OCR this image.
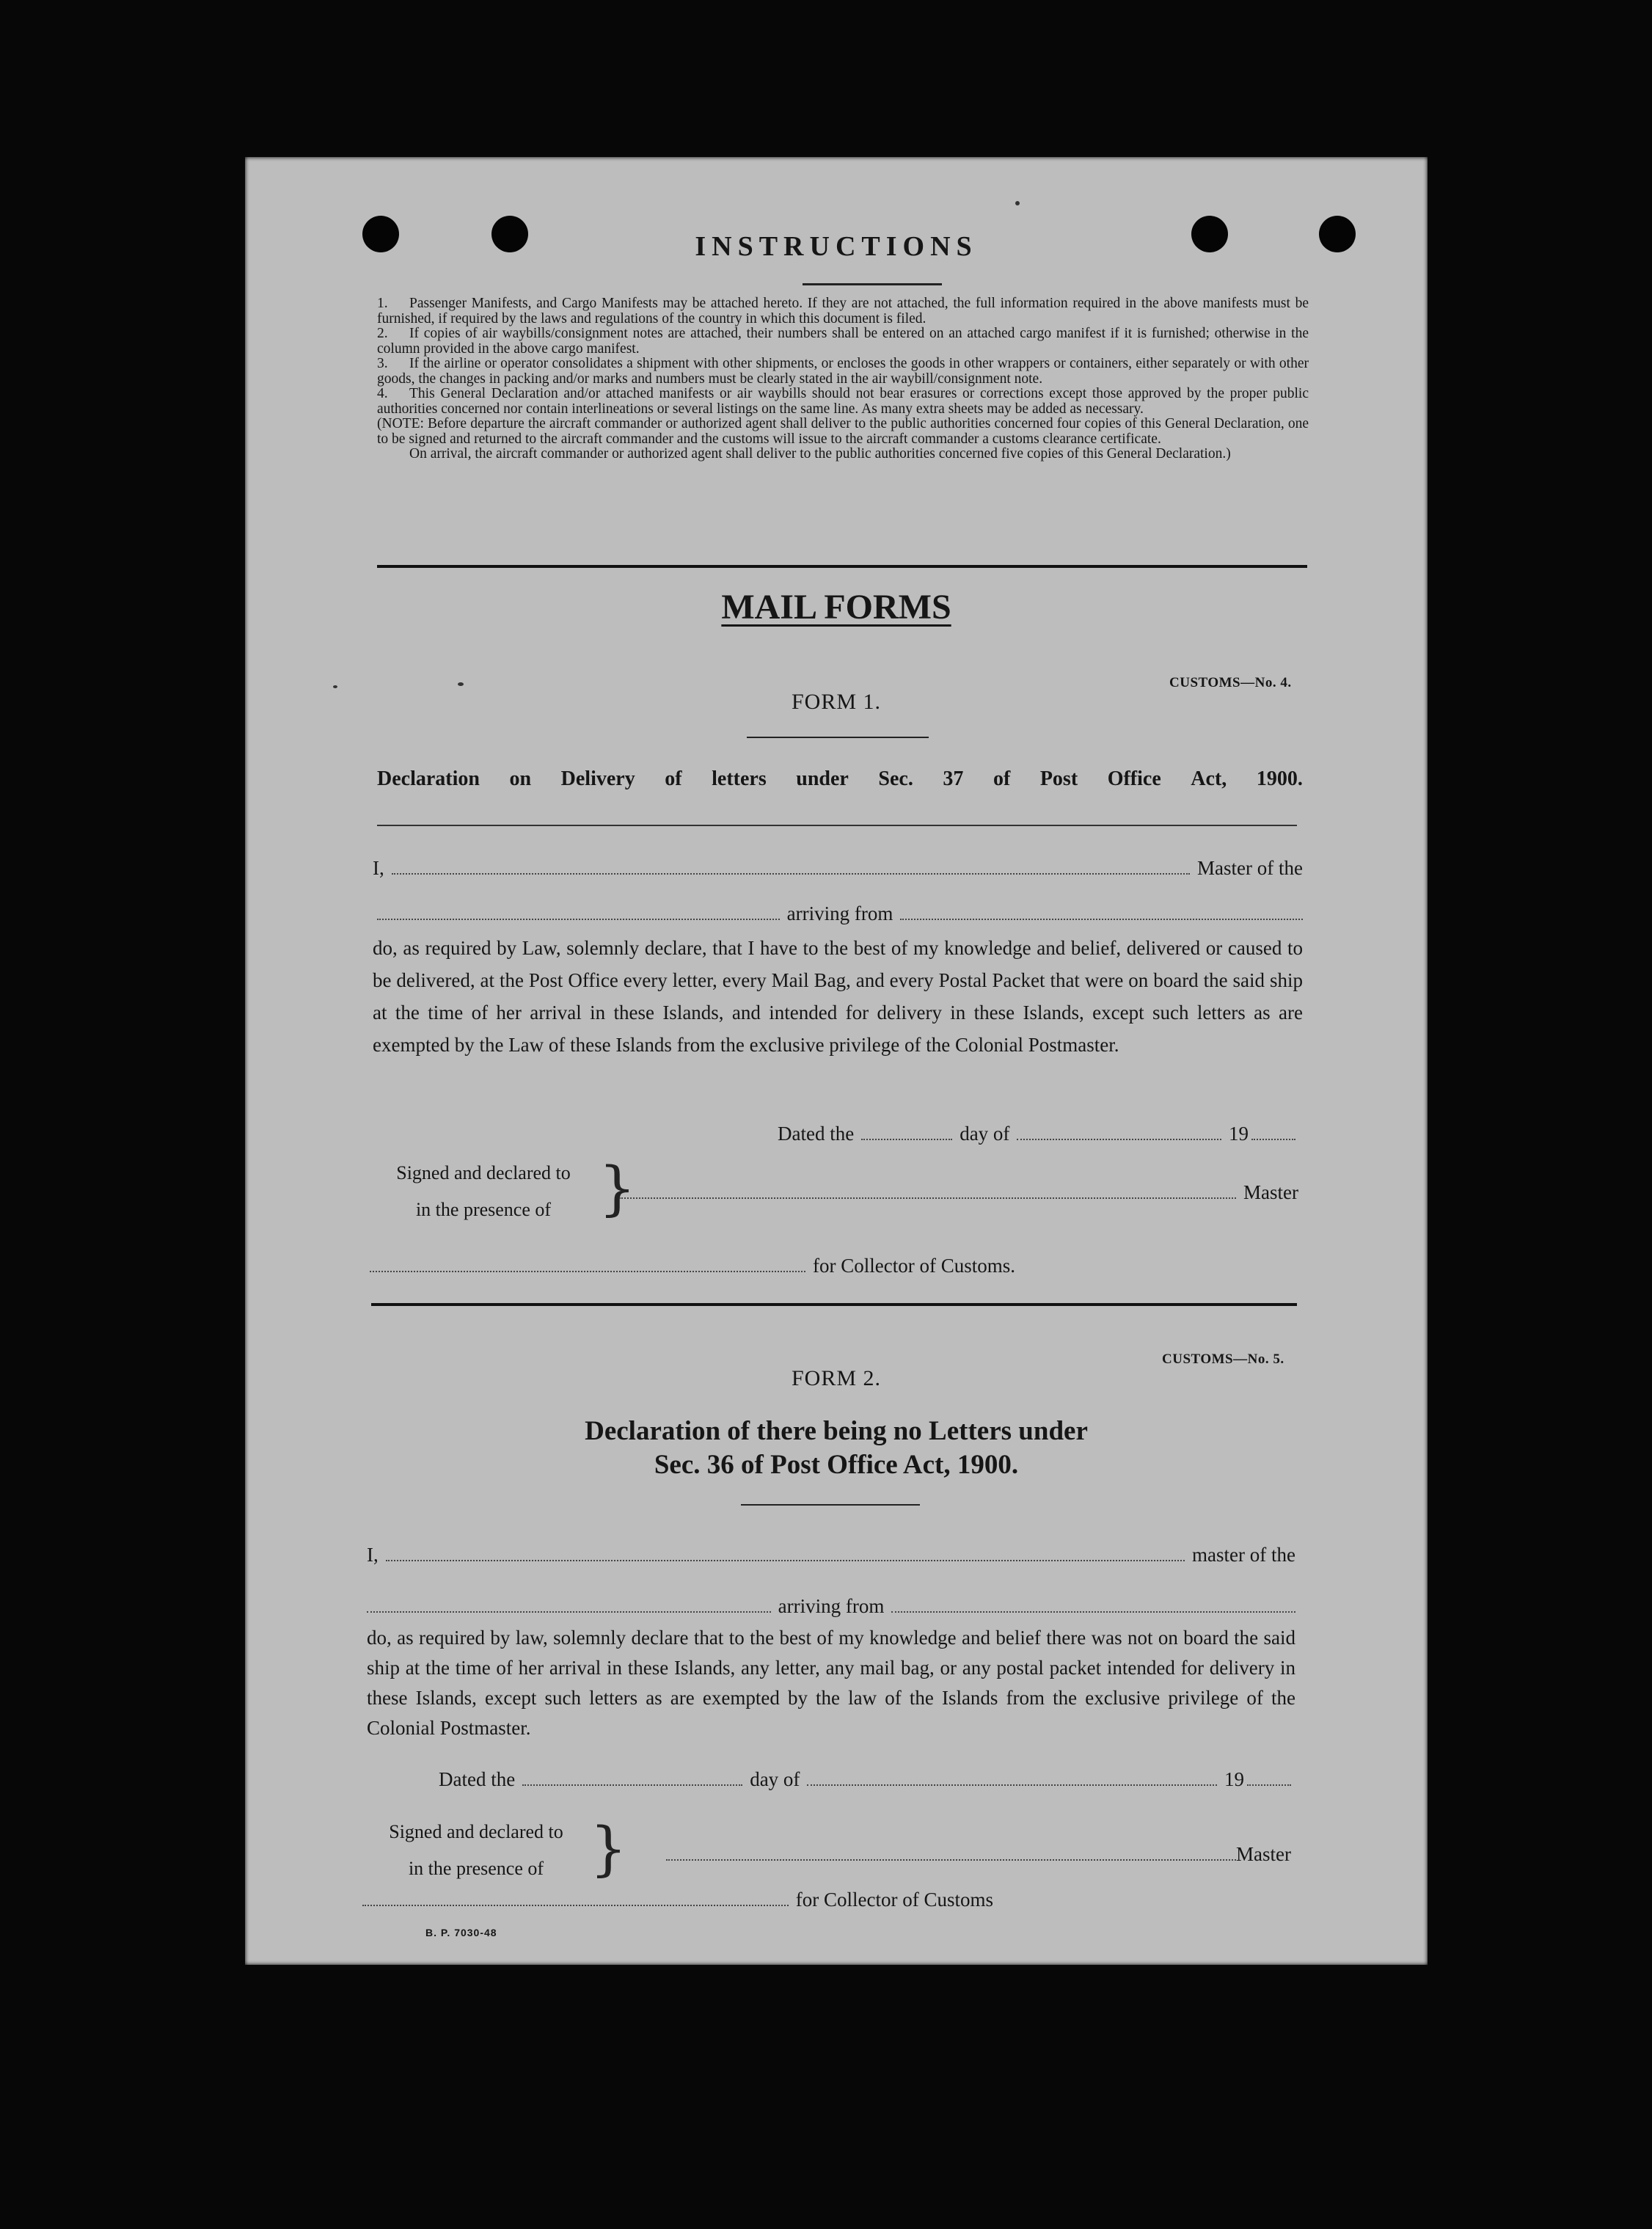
INSTRUCTIONS

1. Passenger Manifests, and Cargo Manifests may be attached hereto. If they are not attached, the full information required in the above manifests must be furnished, if required by the laws and regulations of the country in which this document is filed.

2. If copies of air waybills/consignment notes are attached, their numbers shall be entered on an attached cargo manifest if it is furnished; otherwise in the column provided in the above cargo manifest.

3. If the airline or operator consolidates a shipment with other shipments, or encloses the goods in other wrappers or containers, either separately or with other goods, the changes in packing and/or marks and numbers must be clearly stated in the air waybill/consignment note.

4. This General Declaration and/or attached manifests or air waybills should not bear erasures or corrections except those approved by the proper public authorities concerned nor contain interlineations or several listings on the same line. As many extra sheets may be added as necessary.

(NOTE: Before departure the aircraft commander or authorized agent shall deliver to the public authorities concerned four copies of this General Declaration, one to be signed and returned to the aircraft commander and the customs will issue to the aircraft commander a customs clearance certificate.

On arrival, the aircraft commander or authorized agent shall deliver to the public authorities concerned five copies of this General Declaration.)

MAIL FORMS
CUSTOMS—No. 4.
FORM 1.
Declaration on Delivery of letters under Sec. 37 of Post Office Act, 1900.
I,	Master of the
arriving from
do, as required by Law, solemnly declare, that I have to the best of my knowledge and belief, delivered or caused to be delivered, at the Post Office every letter, every Mail Bag, and every Postal Packet that were on board the said ship at the time of her arrival in these Islands, and intended for delivery in these Islands, except such letters as are exempted by the Law of these Islands from the exclusive privilege of the Colonial Postmaster.
Dated the	day of	19
Signed and declared to
in the presence of }	Master
for Collector of Customs.
CUSTOMS—No. 5.
FORM 2.
Declaration of there being no Letters under
Sec. 36 of Post Office Act, 1900.
I,	master of the
arriving from
do, as required by law, solemnly declare that to the best of my knowledge and belief there was not on board the said ship at the time of her arrival in these Islands, any letter, any mail bag, or any postal packet intended for delivery in these Islands, except such letters as are exempted by the law of the Islands from the exclusive privilege of the Colonial Postmaster.
Dated the	day of	19
Signed and declared to
in the presence of }	Master
for Collector of Customs
B. P. 7030-48
